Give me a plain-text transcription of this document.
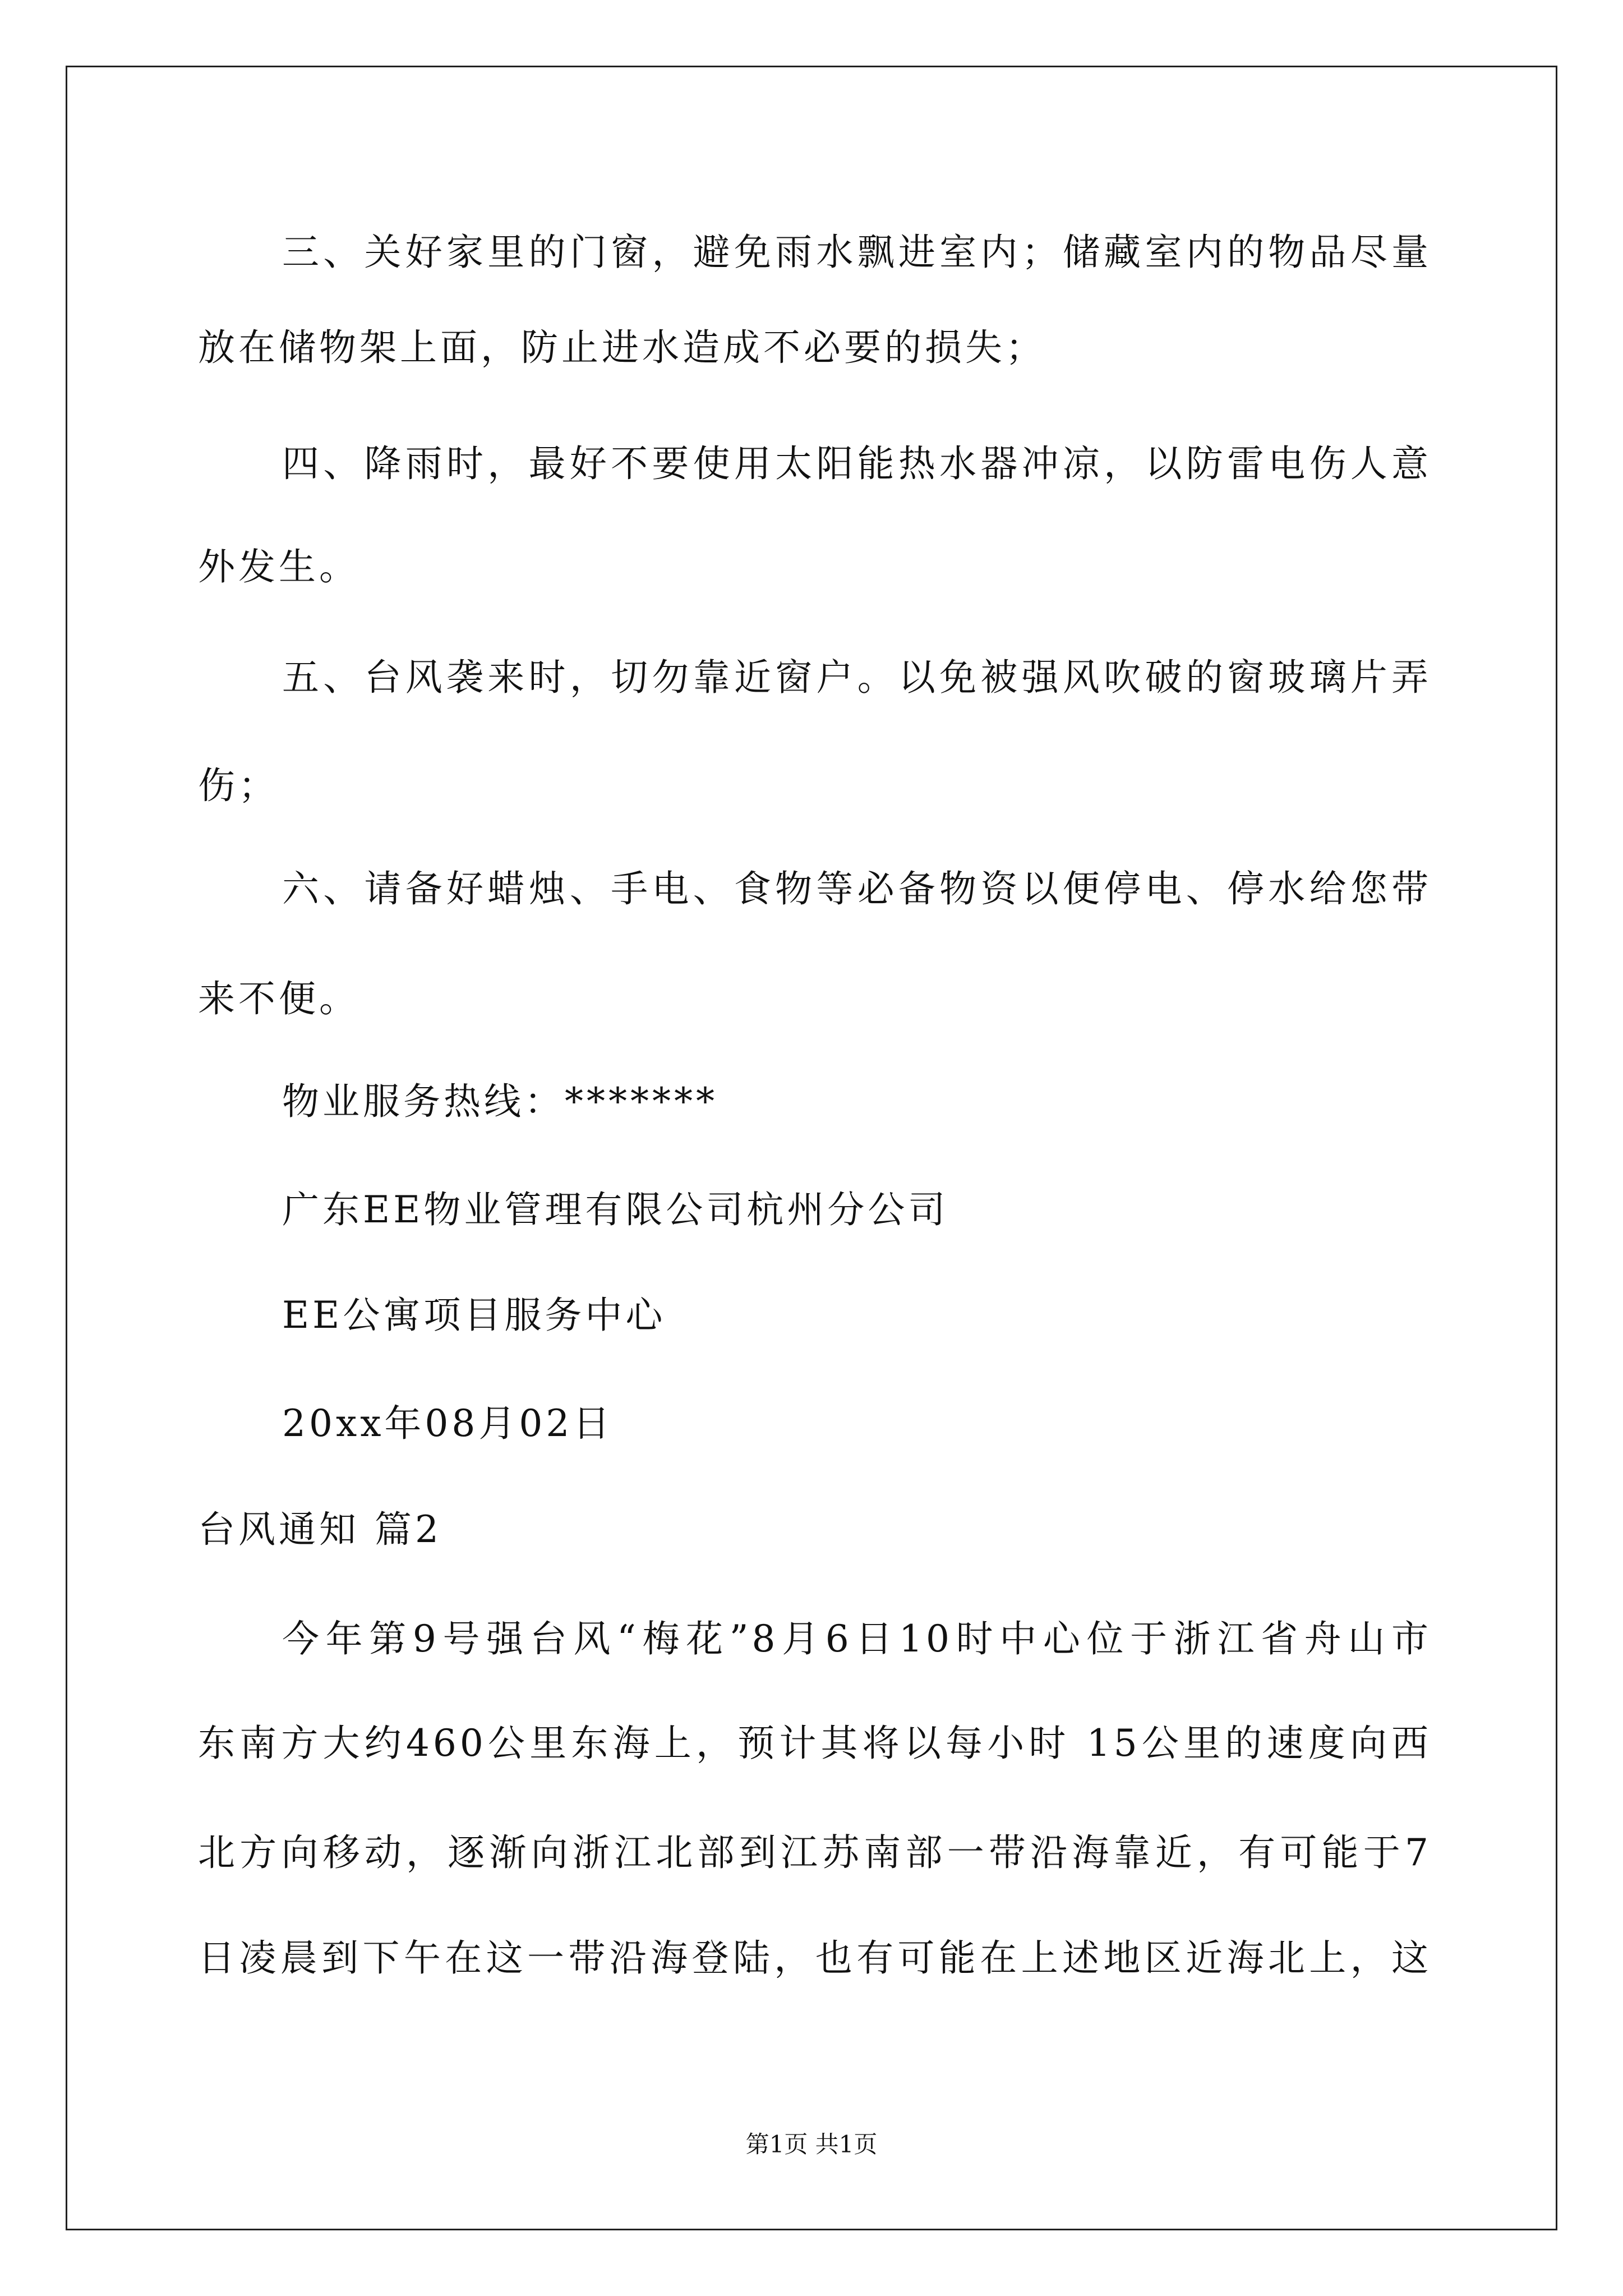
三、关好家里的门窗，避免雨水飘进室内；储藏室内的物品尽量
放在储物架上面，防止进水造成不必要的损失；
四、降雨时，最好不要使用太阳能热水器冲凉，以防雷电伤人意
外发生。
五、台风袭来时，切勿靠近窗户。以免被强风吹破的窗玻璃片弄
伤；
六、请备好蜡烛、手电、食物等必备物资以便停电、停水给您带
来不便。
物业服务热线：*******
广东EE物业管理有限公司杭州分公司
EE公寓项目服务中心
20xx年08月02日
台风通知 篇2
今年第9号强台风“梅花”8月6日10时中心位于浙江省舟山市
东南方大约460公里东海上，预计其将以每小时 15公里的速度向西
北方向移动，逐渐向浙江北部到江苏南部一带沿海靠近，有可能于7
日凌晨到下午在这一带沿海登陆，也有可能在上述地区近海北上，这
第1页 共1页
